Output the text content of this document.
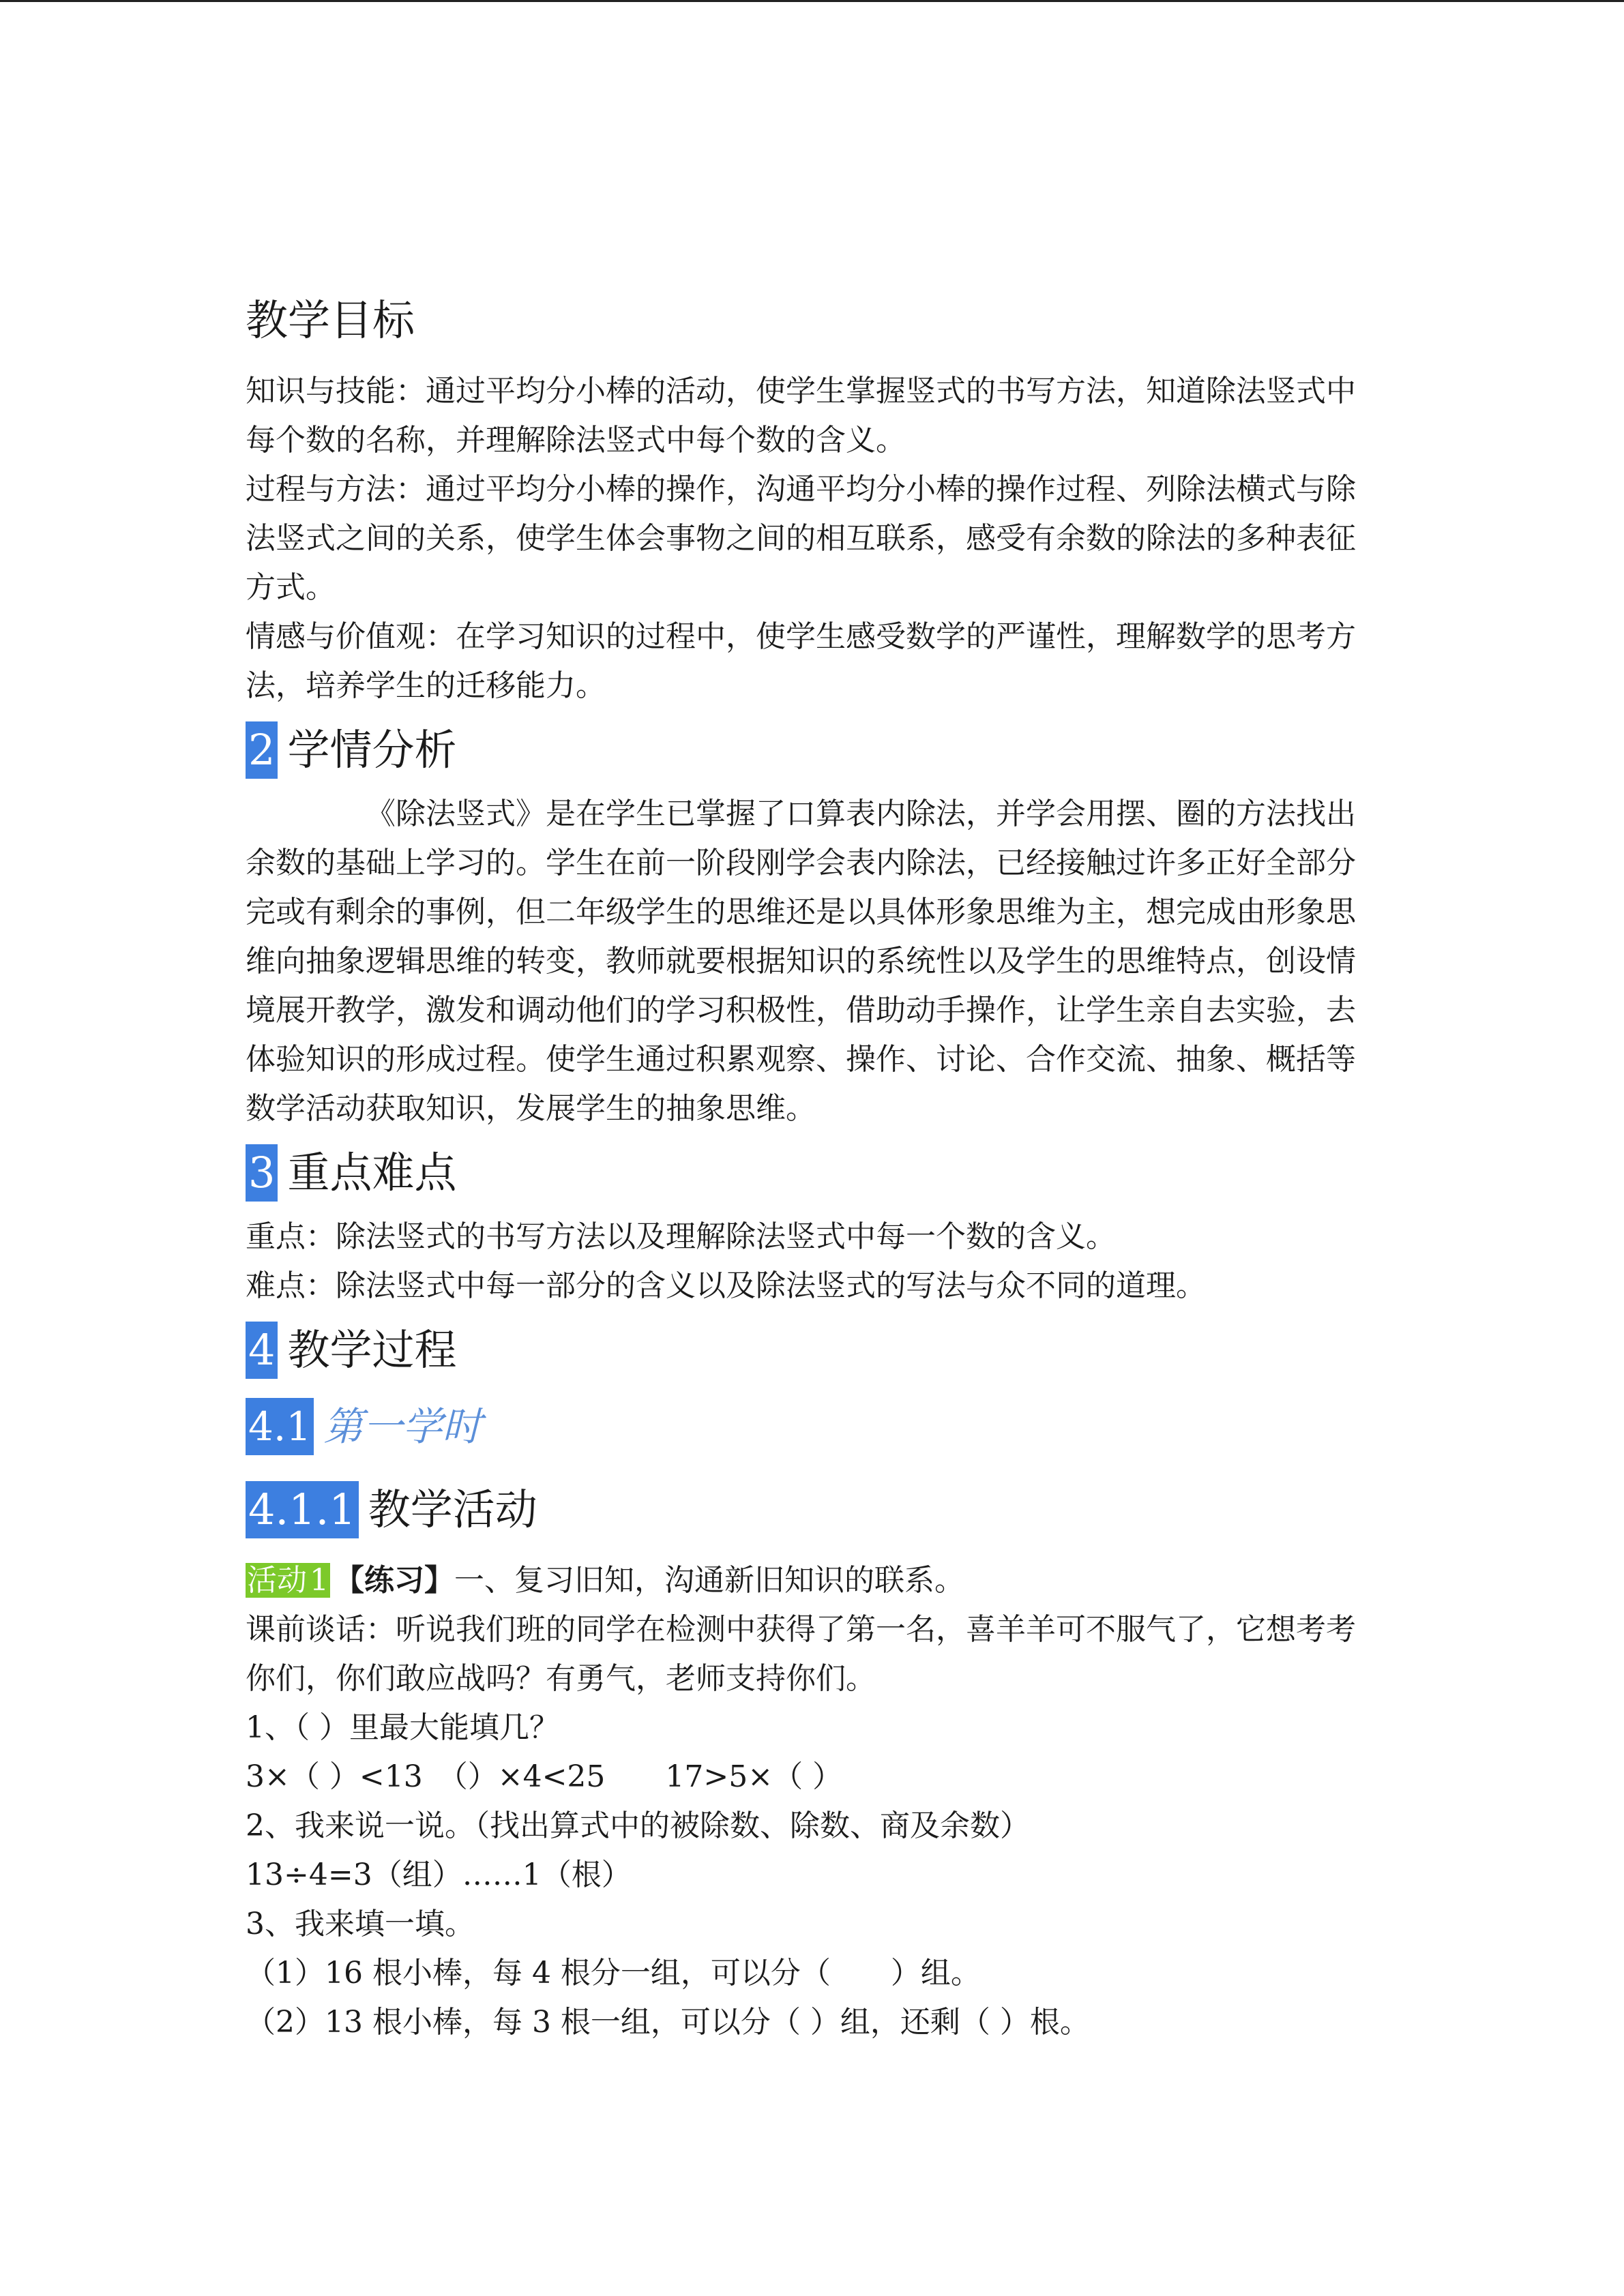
教学目标

知识与技能：通过平均分小棒的活动，使学生掌握竖式的书写方法，知道除法竖式中每个数的名称，并理解除法竖式中每个数的含义。

过程与方法：通过平均分小棒的操作，沟通平均分小棒的操作过程、列除法横式与除法竖式之间的关系，使学生体会事物之间的相互联系，感受有余数的除法的多种表征方式。

情感与价值观：在学习知识的过程中，使学生感受数学的严谨性，理解数学的思考方法，培养学生的迁移能力。

2 学情分析

《除法竖式》是在学生已掌握了口算表内除法，并学会用摆、圈的方法找出余数的基础上学习的。学生在前一阶段刚学会表内除法，已经接触过许多正好全部分完或有剩余的事例，但二年级学生的思维还是以具体形象思维为主，想完成由形象思维向抽象逻辑思维的转变，教师就要根据知识的系统性以及学生的思维特点，创设情境展开教学，激发和调动他们的学习积极性，借助动手操作，让学生亲自去实验，去体验知识的形成过程。使学生通过积累观察、操作、讨论、合作交流、抽象、概括等数学活动获取知识，发展学生的抽象思维。

3 重点难点

重点：除法竖式的书写方法以及理解除法竖式中每一个数的含义。

难点：除法竖式中每一部分的含义以及除法竖式的写法与众不同的道理。

4 教学过程
4.1 第一学时
4.1.1 教学活动

活动1 【练习】一、复习旧知，沟通新旧知识的联系。

课前谈话：听说我们班的同学在检测中获得了第一名，喜羊羊可不服气了，它想考考你们，你们敢应战吗？有勇气，老师支持你们。

1、（ ）里最大能填几？

3×（ ）<13　（）×4<25　　17>5×（ ）

2、我来说一说。（找出算式中的被除数、除数、商及余数）

13÷4=3（组）……1（根）

3、我来填一填。

（1）16 根小棒，每 4 根分一组，可以分（　　）组。

（2）13 根小棒，每 3 根一组，可以分（ ）组，还剩（ ）根。
